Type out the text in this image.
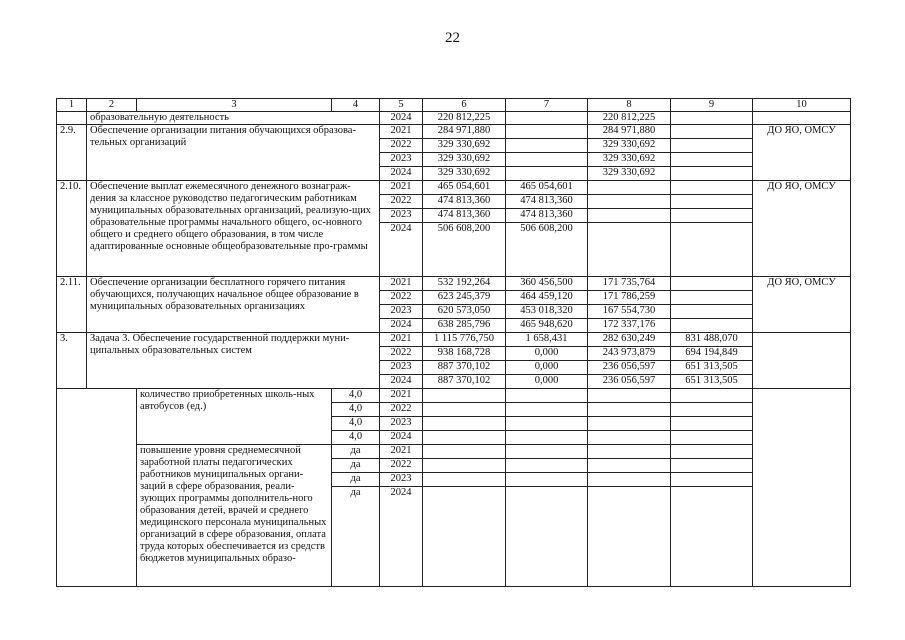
22
1	2	3	4	5	6	7	8	9	10
	образовательную деятельность			2024	220 812,225		220 812,225		
2.9.	Обеспечение организации питания обучающихся образова-тельных организаций			2021	284 971,880		284 971,880		ДО ЯО, ОМСУ
				2022	329 330,692		329 330,692		
				2023	329 330,692		329 330,692		
				2024	329 330,692		329 330,692		
2.10.	Обеспечение выплат ежемесячного денежного вознаграж-дения за классное руководство педагогическим работникам муниципальных образовательных организаций, реализую-щих образовательные программы начального общего, ос-новного общего и среднего общего образования, в том числе адаптированные основные общеобразовательные про-граммы			2021	465 054,601	465 054,601			ДО ЯО, ОМСУ
				2022	474 813,360	474 813,360			
				2023	474 813,360	474 813,360			
				2024	506 608,200	506 608,200			
2.11.	Обеспечение организации бесплатного горячего питания обучающихся, получающих начальное общее образование в муниципальных образовательных организациях			2021	532 192,264	360 456,500	171 735,764		ДО ЯО, ОМСУ
				2022	623 245,379	464 459,120	171 786,259		
				2023	620 573,050	453 018,320	167 554,730		
				2024	638 285,796	465 948,620	172 337,176		
3.	Задача 3. Обеспечение государственной поддержки муни-ципальных образовательных систем			2021	1 115 776,750	1 658,431	282 630,249	831 488,070	
				2022	938 168,728	0,000	243 973,879	694 194,849	
				2023	887 370,102	0,000	236 056,597	651 313,505	
				2024	887 370,102	0,000	236 056,597	651 313,505	
		количество приобретенных школь-ных автобусов (ед.)	4,0	2021					
			4,0	2022					
			4,0	2023					
			4,0	2024					
		повышение уровня среднемесячной заработной платы педагогических работников муниципальных органи-заций в сфере образования, реали-зующих программы дополнитель-ного образования детей, врачей и среднего медицинского персонала муниципальных организаций в сфере образования, оплата труда которых обеспечивается из средств бюджетов муниципальных образо-	да	2021					
			да	2022					
			да	2023					
			да	2024					
